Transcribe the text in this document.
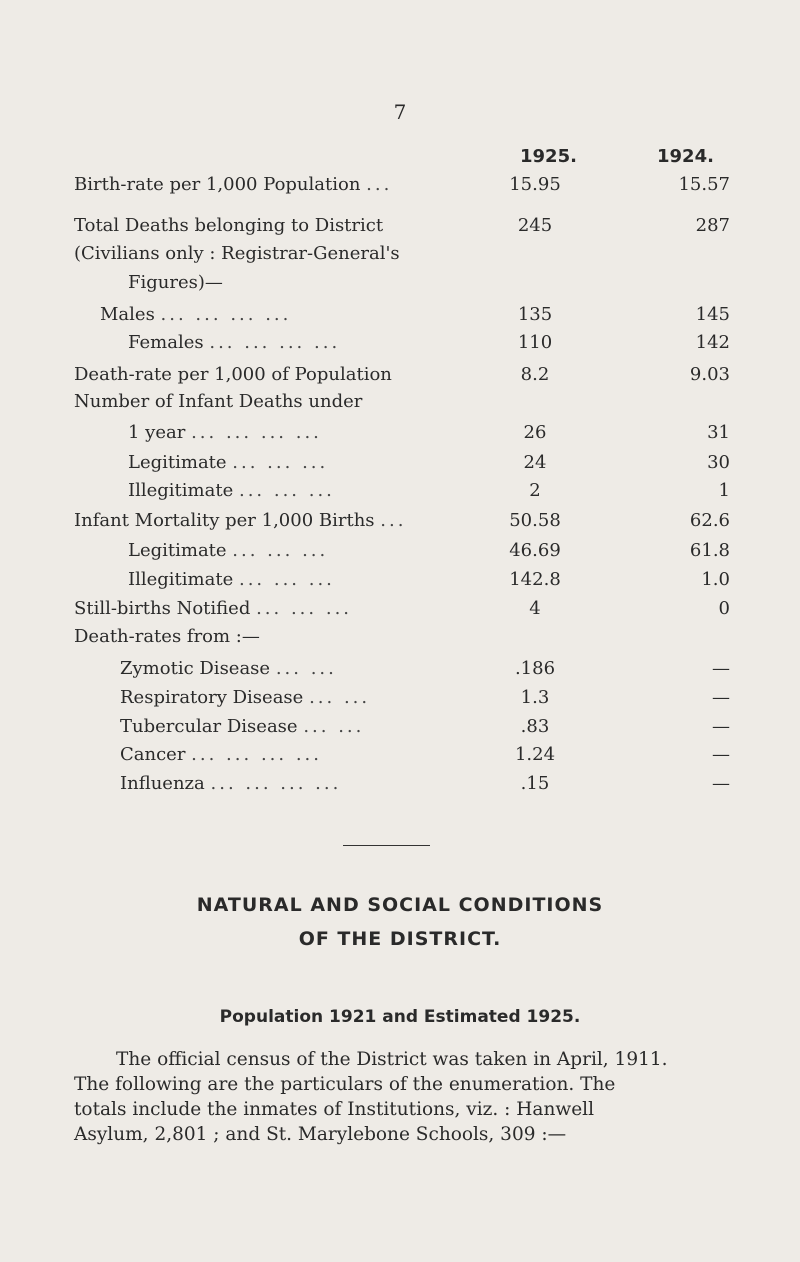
7
1925.	1924.
Birth-rate per 1,000 Population ...	15.95	15.57
Total Deaths belonging to District	245	287
(Civilians only : Registrar-General's
Figures)—
Males ... ... ... ...	135	145
Females ... ... ... ...	110	142
Death-rate per 1,000 of Population	8.2	9.03
Number of Infant Deaths under
1 year ... ... ... ...	26	31
Legitimate ... ... ...	24	30
Illegitimate ... ... ...	2	1
Infant Mortality per 1,000 Births ...	50.58	62.6
Legitimate ... ... ...	46.69	61.8
Illegitimate ... ... ...	142.8	1.0
Still-births Notified ... ... ...	4	0
Death-rates from :—
Zymotic Disease ... ...	.186	—
Respiratory Disease ... ...	1.3	—
Tubercular Disease ... ...	.83	—
Cancer ... ... ... ...	1.24	—
Influenza ... ... ... ...	.15	—
NATURAL AND SOCIAL CONDITIONS
OF THE DISTRICT.
Population 1921 and Estimated 1925.
The official census of the District was taken in April, 1911.
The following are the particulars of the enumeration. The
totals include the inmates of Institutions, viz. : Hanwell
Asylum, 2,801 ; and St. Marylebone Schools, 309 :—
